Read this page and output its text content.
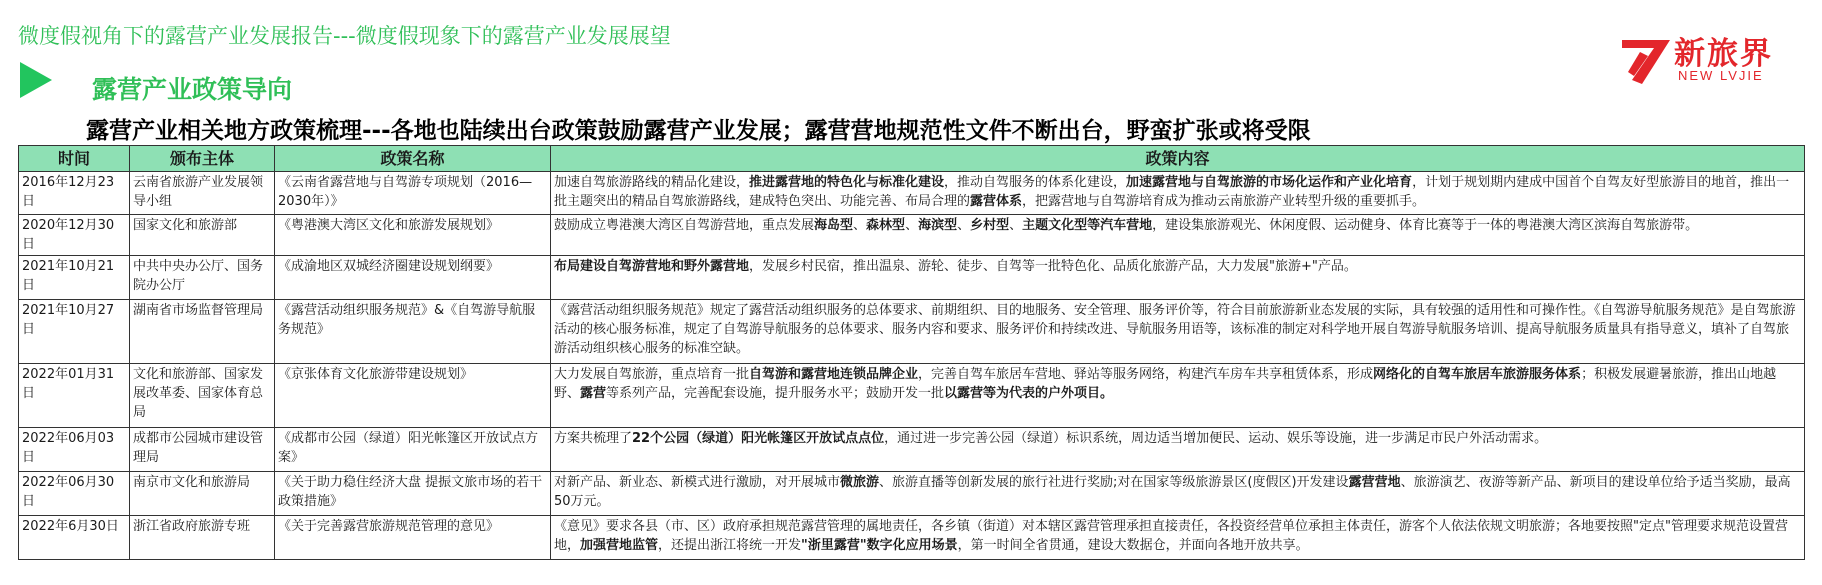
微度假视角下的露营产业发展报告---微度假现象下的露营产业发展展望
露营产业政策导向
新旅界
NEW LVJIE
露营产业相关地方政策梳理---各地也陆续出台政策鼓励露营产业发展；露营营地规范性文件不断出台，野蛮扩张或将受限
时间	颁布主体	政策名称	政策内容
2016年12月23日	云南省旅游产业发展领导小组	《云南省露营地与自驾游专项规划（2016—2030年）》	加速自驾旅游路线的精品化建设，推进露营地的特色化与标准化建设，推动自驾服务的体系化建设，加速露营地与自驾旅游的市场化运作和产业化培育，计划于规划期内建成中国首个自驾友好型旅游目的地首，推出一批主题突出的精品自驾旅游路线，建成特色突出、功能完善、布局合理的露营体系，把露营地与自驾游培育成为推动云南旅游产业转型升级的重要抓手。
2020年12月30日	国家文化和旅游部	《粤港澳大湾区文化和旅游发展规划》	鼓励成立粤港澳大湾区自驾游营地，重点发展海岛型、森林型、海滨型、乡村型、主题文化型等汽车营地，建设集旅游观光、休闲度假、运动健身、体育比赛等于一体的粤港澳大湾区滨海自驾旅游带。
2021年10月21日	中共中央办公厅、国务院办公厅	《成渝地区双城经济圈建设规划纲要》	布局建设自驾游营地和野外露营地，发展乡村民宿，推出温泉、游轮、徒步、自驾等一批特色化、品质化旅游产品，大力发展"旅游+"产品。
2021年10月27日	湖南省市场监督管理局	《露营活动组织服务规范》&《自驾游导航服务规范》	《露营活动组织服务规范》规定了露营活动组织服务的总体要求、前期组织、目的地服务、安全管理、服务评价等，符合目前旅游新业态发展的实际，具有较强的适用性和可操作性。《自驾游导航服务规范》是自驾旅游活动的核心服务标准，规定了自驾游导航服务的总体要求、服务内容和要求、服务评价和持续改进、导航服务用语等，该标准的制定对科学地开展自驾游导航服务培训、提高导航服务质量具有指导意义，填补了自驾旅游活动组织核心服务的标准空缺。
2022年01月31日	文化和旅游部、国家发展改革委、国家体育总局	《京张体育文化旅游带建设规划》	大力发展自驾旅游，重点培育一批自驾游和露营地连锁品牌企业，完善自驾车旅居车营地、驿站等服务网络，构建汽车房车共享租赁体系，形成网络化的自驾车旅居车旅游服务体系；积极发展避暑旅游，推出山地越野、露营等系列产品，完善配套设施，提升服务水平；鼓励开发一批以露营等为代表的户外项目。
2022年06月03日	成都市公园城市建设管理局	《成都市公园（绿道）阳光帐篷区开放试点方案》	方案共梳理了22个公园（绿道）阳光帐篷区开放试点点位，通过进一步完善公园（绿道）标识系统，周边适当增加便民、运动、娱乐等设施，进一步满足市民户外活动需求。
2022年06月30日	南京市文化和旅游局	《关于助力稳住经济大盘 提振文旅市场的若干政策措施》	对新产品、新业态、新模式进行激励，对开展城市微旅游、旅游直播等创新发展的旅行社进行奖励;对在国家等级旅游景区(度假区)开发建设露营营地、旅游演艺、夜游等新产品、新项目的建设单位给予适当奖励，最高50万元。
2022年6月30日	浙江省政府旅游专班	《关于完善露营旅游规范管理的意见》	《意见》要求各县（市、区）政府承担规范露营管理的属地责任，各乡镇（街道）对本辖区露营管理承担直接责任，各投资经营单位承担主体责任，游客个人依法依规文明旅游；各地要按照"定点"管理要求规范设置营地，加强营地监管，还提出浙江将统一开发"浙里露营"数字化应用场景，第一时间全省贯通，建设大数据仓，并面向各地开放共享。
